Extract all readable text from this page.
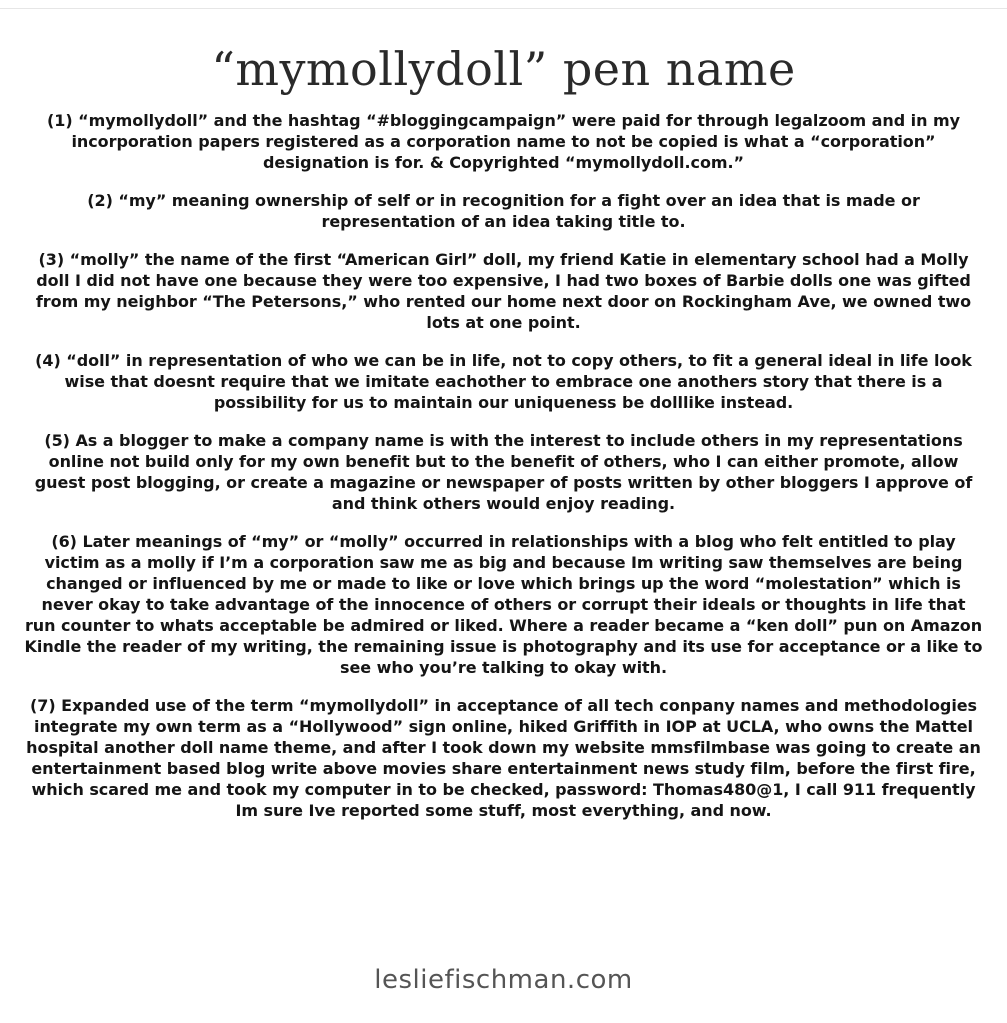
“mymollydoll” pen name

(1) “mymollydoll” and the hashtag “#bloggingcampaign” were paid for through legalzoom and in my incorporation papers registered as a corporation name to not be copied is what a “corporation” designation is for. & Copyrighted “mymollydoll.com.”

(2) “my” meaning ownership of self or in recognition for a fight over an idea that is made or representation of an idea taking title to.

(3) “molly” the name of the first “American Girl” doll, my friend Katie in elementary school had a Molly doll I did not have one because they were too expensive, I had two boxes of Barbie dolls one was gifted from my neighbor “The Petersons,” who rented our home next door on Rockingham Ave, we owned two lots at one point.

(4) “doll” in representation of who we can be in life, not to copy others, to fit a general ideal in life look wise that doesnt require that we imitate eachother to embrace one anothers story that there is a possibility for us to maintain our uniqueness be dolllike instead.

(5) As a blogger to make a company name is with the interest to include others in my representations online not build only for my own benefit but to the benefit of others, who I can either promote, allow guest post blogging, or create a magazine or newspaper of posts written by other bloggers I approve of and think others would enjoy reading.

(6) Later meanings of “my” or “molly” occurred in relationships with a blog who felt entitled to play victim as a molly if I’m a corporation saw me as big and because Im writing saw themselves are being changed or influenced by me or made to like or love which brings up the word “molestation” which is never okay to take advantage of the innocence of others or corrupt their ideals or thoughts in life that run counter to whats acceptable be admired or liked. Where a reader became a “ken doll” pun on Amazon Kindle the reader of my writing, the remaining issue is photography and its use for acceptance or a like to see who you’re talking to okay with.

(7) Expanded use of the term “mymollydoll” in acceptance of all tech conpany names and methodologies integrate my own term as a “Hollywood” sign online, hiked Griffith in IOP at UCLA, who owns the Mattel hospital another doll name theme, and after I took down my website mmsfilmbase was going to create an entertainment based blog write above movies share entertainment news study film, before the first fire, which scared me and took my computer in to be checked, password: Thomas480@1, I call 911 frequently Im sure Ive reported some stuff, most everything, and now.

lesliefischman.com
